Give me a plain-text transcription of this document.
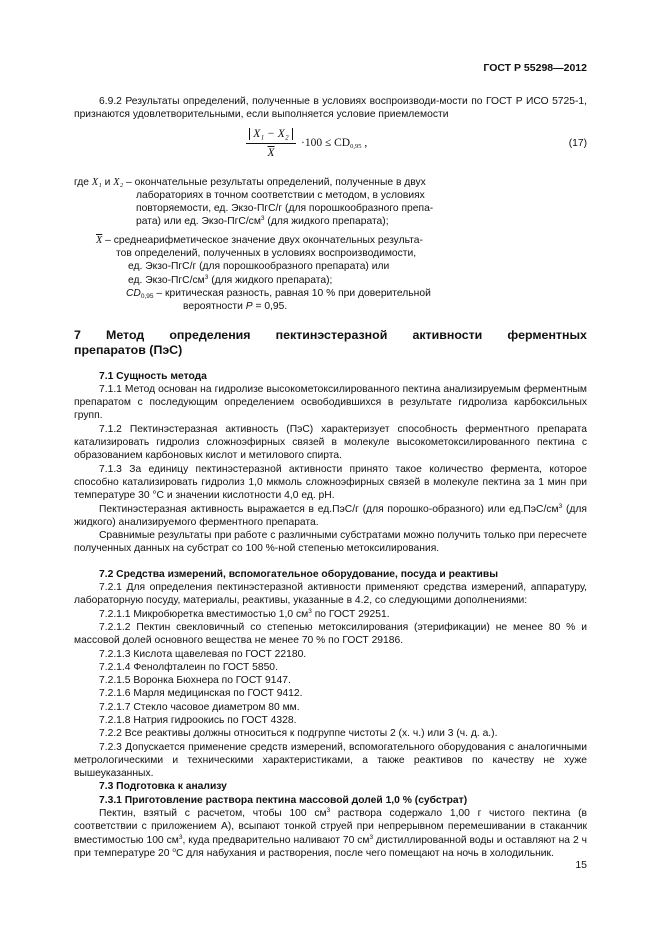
ГОСТ Р 55298—2012

6.9.2 Результаты определений, полученные в условиях воспроизводи-мости по ГОСТ Р ИСО 5725-1, признаются удовлетворительными, если выполняется условие приемлемости

$\frac{\text{X₁ − X₂}}{X} \cdot 100 \le CD_{0,95}$ ,	(17)
где X₁ и X₂ – окончательные результаты определений, полученные в двух
лабораториях в точном соответствии с методом, в условиях
повторяемости, ед. Экзо-ПгС/г (для порошкообразного препа-
рата) или ед. Экзо-$ПгС/см^3$ (для жидкого препарата);
$\overline{X}$ – среднеарифметическое значение двух окончательных результа-
тов определений, полученных в условиях воспроизводимости,
ед. Экзо-ПгС/г (для порошкообразного препарата) или
ед. Экзо-$ПгС/см^3$ (для жидкого препарата);
$CD_{0,95}$ – критическая разность, равная 10 % при доверительной
вероятности P = 0,95.
7 Метод определения пектинэстеразной активности ферментных
препаратов (ПэС)

7.1 Сущность метода

7.1.1 Метод основан на гидролизе высокометоксилированного пектина анализируемым ферментным препаратом с последующим определением освободившихся в результате гидролиза карбоксильных групп.

7.1.2 Пектинэстеразная активность (ПэС) характеризует способность ферментного препарата катализировать гидролиз сложноэфирных связей в молекуле высокометоксилированного пектина с образованием карбоновых кислот и метилового спирта.

7.1.3 За единицу пектинэстеразной активности принято такое количество фермента, которое способно катализировать гидролиз 1,0 мкмоль сложноэфирных связей в молекуле пектина за 1 мин при температуре 30 °С и значении кислотности 4,0 ед. рН.

Пектинэстеразная активность выражается в ед.ПэС/г (для порошко-образного) или $ед.ПэС/см^3$ (для жидкого) анализируемого ферментного препарата.

Сравнимые результаты при работе с различными субстратами можно получить только при пересчете полученных данных на субстрат со 100 %-ной степенью метоксилирования.

7.2 Средства измерений, вспомогательное оборудование, посуда и реактивы

7.2.1 Для определения пектинэстеразной активности применяют средства измерений, аппаратуру, лабораторную посуду, материалы, реактивы, указанные в 4.2, со следующими дополнениями:

7.2.1.1 Микробюретка вместимостью 1,0 $см^3$ по ГОСТ 29251.

7.2.1.2 Пектин свекловичный со степенью метоксилирования (этерификации) не менее 80 % и массовой долей основного вещества не менее 70 % по ГОСТ 29186.

7.2.1.3 Кислота щавелевая по ГОСТ 22180.

7.2.1.4 Фенолфталеин по ГОСТ 5850.

7.2.1.5 Воронка Бюхнера по ГОСТ 9147.

7.2.1.6 Марля медицинская по ГОСТ 9412.

7.2.1.7 Стекло часовое диаметром 80 мм.

7.2.1.8 Натрия гидроокись по ГОСТ 4328.

7.2.2 Все реактивы должны относиться к подгруппе чистоты 2 (х. ч.) или 3 (ч. д. а.).

7.2.3 Допускается применение средств измерений, вспомогательного оборудования с аналогичными метрологическими и техническими характеристиками, а также реактивов по качеству не хуже вышеуказанных.

7.3 Подготовка к анализу

7.3.1 Приготовление раствора пектина массовой долей 1,0 % (субстрат)

Пектин, взятый с расчетом, чтобы 100 $см^3$ раствора содержало 1,00 г чистого пектина (в соответствии с приложением А), всыпают тонкой струей при непрерывном перемешивании в стаканчик вместимостью 100 $см^3$, куда предварительно наливают 70 $см^3$ дистиллированной воды и оставляют на 2 ч при температуре 20 $^о$С для набухания и растворения, после чего помещают на ночь в холодильник.

15
